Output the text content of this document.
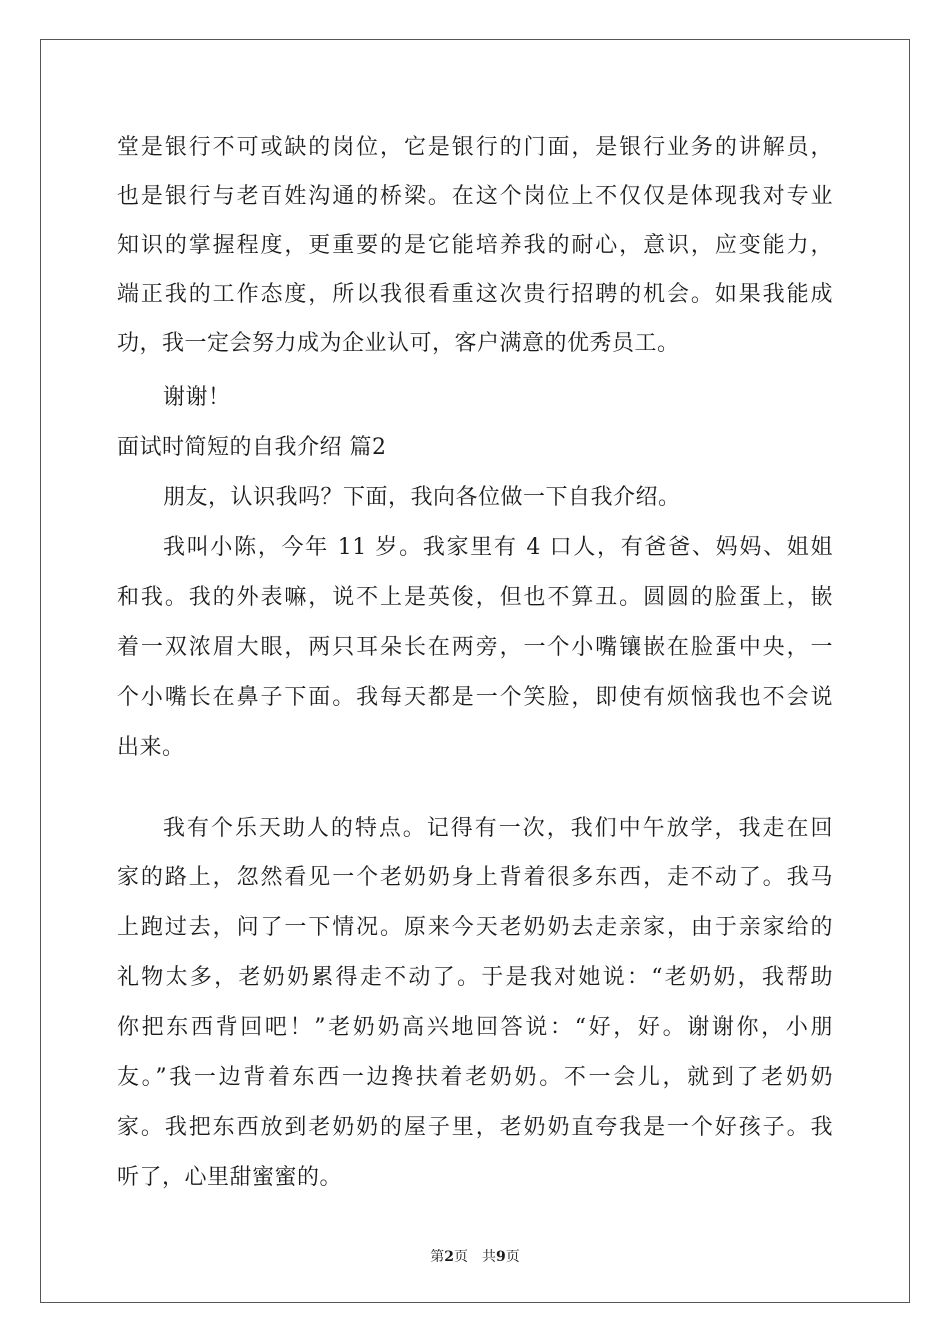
堂是银行不可或缺的岗位，它是银行的门面，是银行业务的讲解员，
也是银行与老百姓沟通的桥梁。在这个岗位上不仅仅是体现我对专业
知识的掌握程度，更重要的是它能培养我的耐心，意识，应变能力，
端正我的工作态度，所以我很看重这次贵行招聘的机会。如果我能成
功，我一定会努力成为企业认可，客户满意的优秀员工。
谢谢！
面试时简短的自我介绍 篇2
朋友，认识我吗？下面，我向各位做一下自我介绍。
我叫小陈，今年 11 岁。我家里有 4 口人，有爸爸、妈妈、姐姐
和我。我的外表嘛，说不上是英俊，但也不算丑。圆圆的脸蛋上，嵌
着一双浓眉大眼，两只耳朵长在两旁，一个小嘴镶嵌在脸蛋中央，一
个小嘴长在鼻子下面。我每天都是一个笑脸，即使有烦恼我也不会说
出来。
我有个乐天助人的特点。记得有一次，我们中午放学，我走在回
家的路上，忽然看见一个老奶奶身上背着很多东西，走不动了。我马
上跑过去，问了一下情况。原来今天老奶奶去走亲家，由于亲家给的
礼物太多，老奶奶累得走不动了。于是我对她说：“老奶奶，我帮助
你把东西背回吧！”老奶奶高兴地回答说：“好，好。谢谢你，小朋
友。”我一边背着东西一边搀扶着老奶奶。不一会儿，就到了老奶奶
家。我把东西放到老奶奶的屋子里，老奶奶直夸我是一个好孩子。我
听了，心里甜蜜蜜的。
第2页 共9页
